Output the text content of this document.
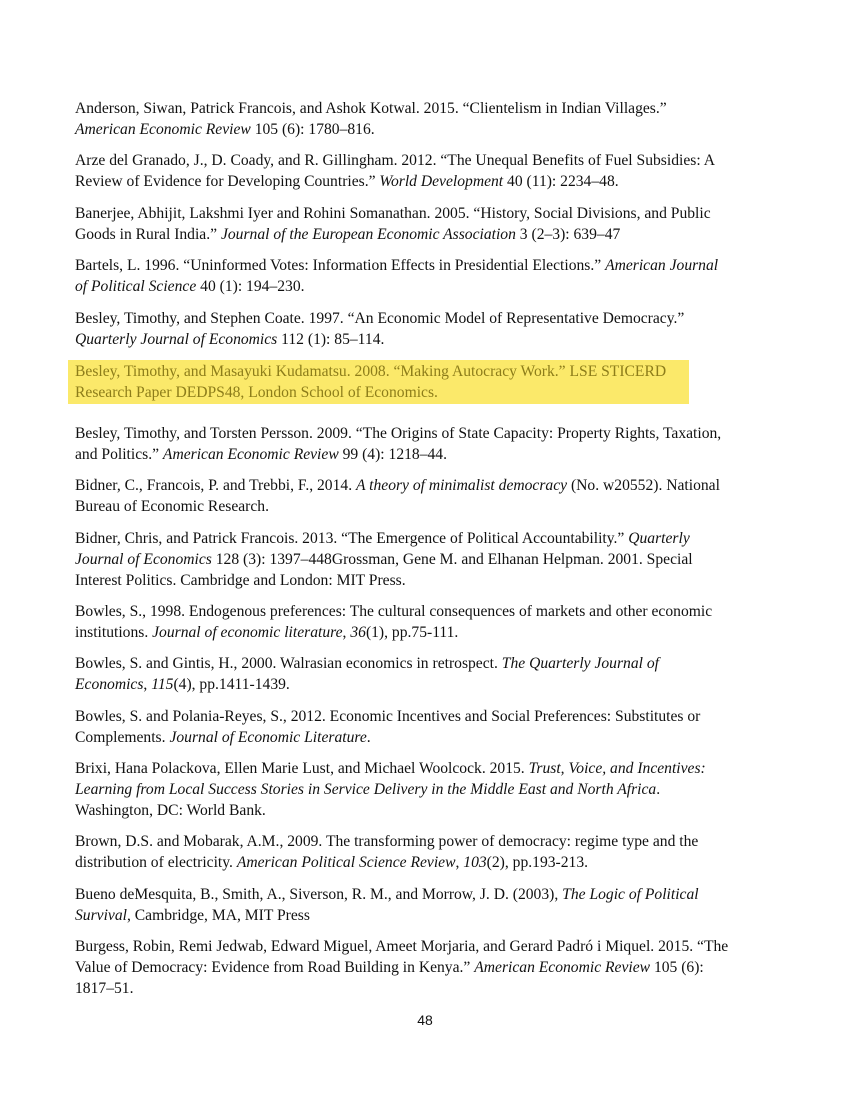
Anderson, Siwan, Patrick Francois, and Ashok Kotwal. 2015. “Clientelism in Indian Villages.”
American Economic Review 105 (6): 1780–816.
Arze del Granado, J., D. Coady, and R. Gillingham. 2012. “The Unequal Benefits of Fuel Subsidies: A
Review of Evidence for Developing Countries.” World Development 40 (11): 2234–48.
Banerjee, Abhijit, Lakshmi Iyer and Rohini Somanathan. 2005. “History, Social Divisions, and Public
Goods in Rural India.” Journal of the European Economic Association 3 (2–3): 639–47
Bartels, L. 1996. “Uninformed Votes: Information Effects in Presidential Elections.” American Journal
of Political Science 40 (1): 194–230.
Besley, Timothy, and Stephen Coate. 1997. “An Economic Model of Representative Democracy.”
Quarterly Journal of Economics 112 (1): 85–114.
Besley, Timothy, and Masayuki Kudamatsu. 2008. “Making Autocracy Work.” LSE STICERD
Research Paper DEDPS48, London School of Economics.
Besley, Timothy, and Torsten Persson. 2009. “The Origins of State Capacity: Property Rights, Taxation,
and Politics.” American Economic Review 99 (4): 1218–44.
Bidner, C., Francois, P. and Trebbi, F., 2014. A theory of minimalist democracy (No. w20552). National
Bureau of Economic Research.
Bidner, Chris, and Patrick Francois. 2013. “The Emergence of Political Accountability.” Quarterly
Journal of Economics 128 (3): 1397–448Grossman, Gene M. and Elhanan Helpman. 2001. Special
Interest Politics. Cambridge and London: MIT Press.
Bowles, S., 1998. Endogenous preferences: The cultural consequences of markets and other economic
institutions. Journal of economic literature, 36(1), pp.75-111.
Bowles, S. and Gintis, H., 2000. Walrasian economics in retrospect. The Quarterly Journal of
Economics, 115(4), pp.1411-1439.
Bowles, S. and Polania-Reyes, S., 2012. Economic Incentives and Social Preferences: Substitutes or
Complements. Journal of Economic Literature.
Brixi, Hana Polackova, Ellen Marie Lust, and Michael Woolcock. 2015. Trust, Voice, and Incentives:
Learning from Local Success Stories in Service Delivery in the Middle East and North Africa.
Washington, DC: World Bank.
Brown, D.S. and Mobarak, A.M., 2009. The transforming power of democracy: regime type and the
distribution of electricity. American Political Science Review, 103(2), pp.193-213.
Bueno deMesquita, B., Smith, A., Siverson, R. M., and Morrow, J. D. (2003), The Logic of Political
Survival, Cambridge, MA, MIT Press
Burgess, Robin, Remi Jedwab, Edward Miguel, Ameet Morjaria, and Gerard Padró i Miquel. 2015. “The
Value of Democracy: Evidence from Road Building in Kenya.” American Economic Review 105 (6):
1817–51.
48
